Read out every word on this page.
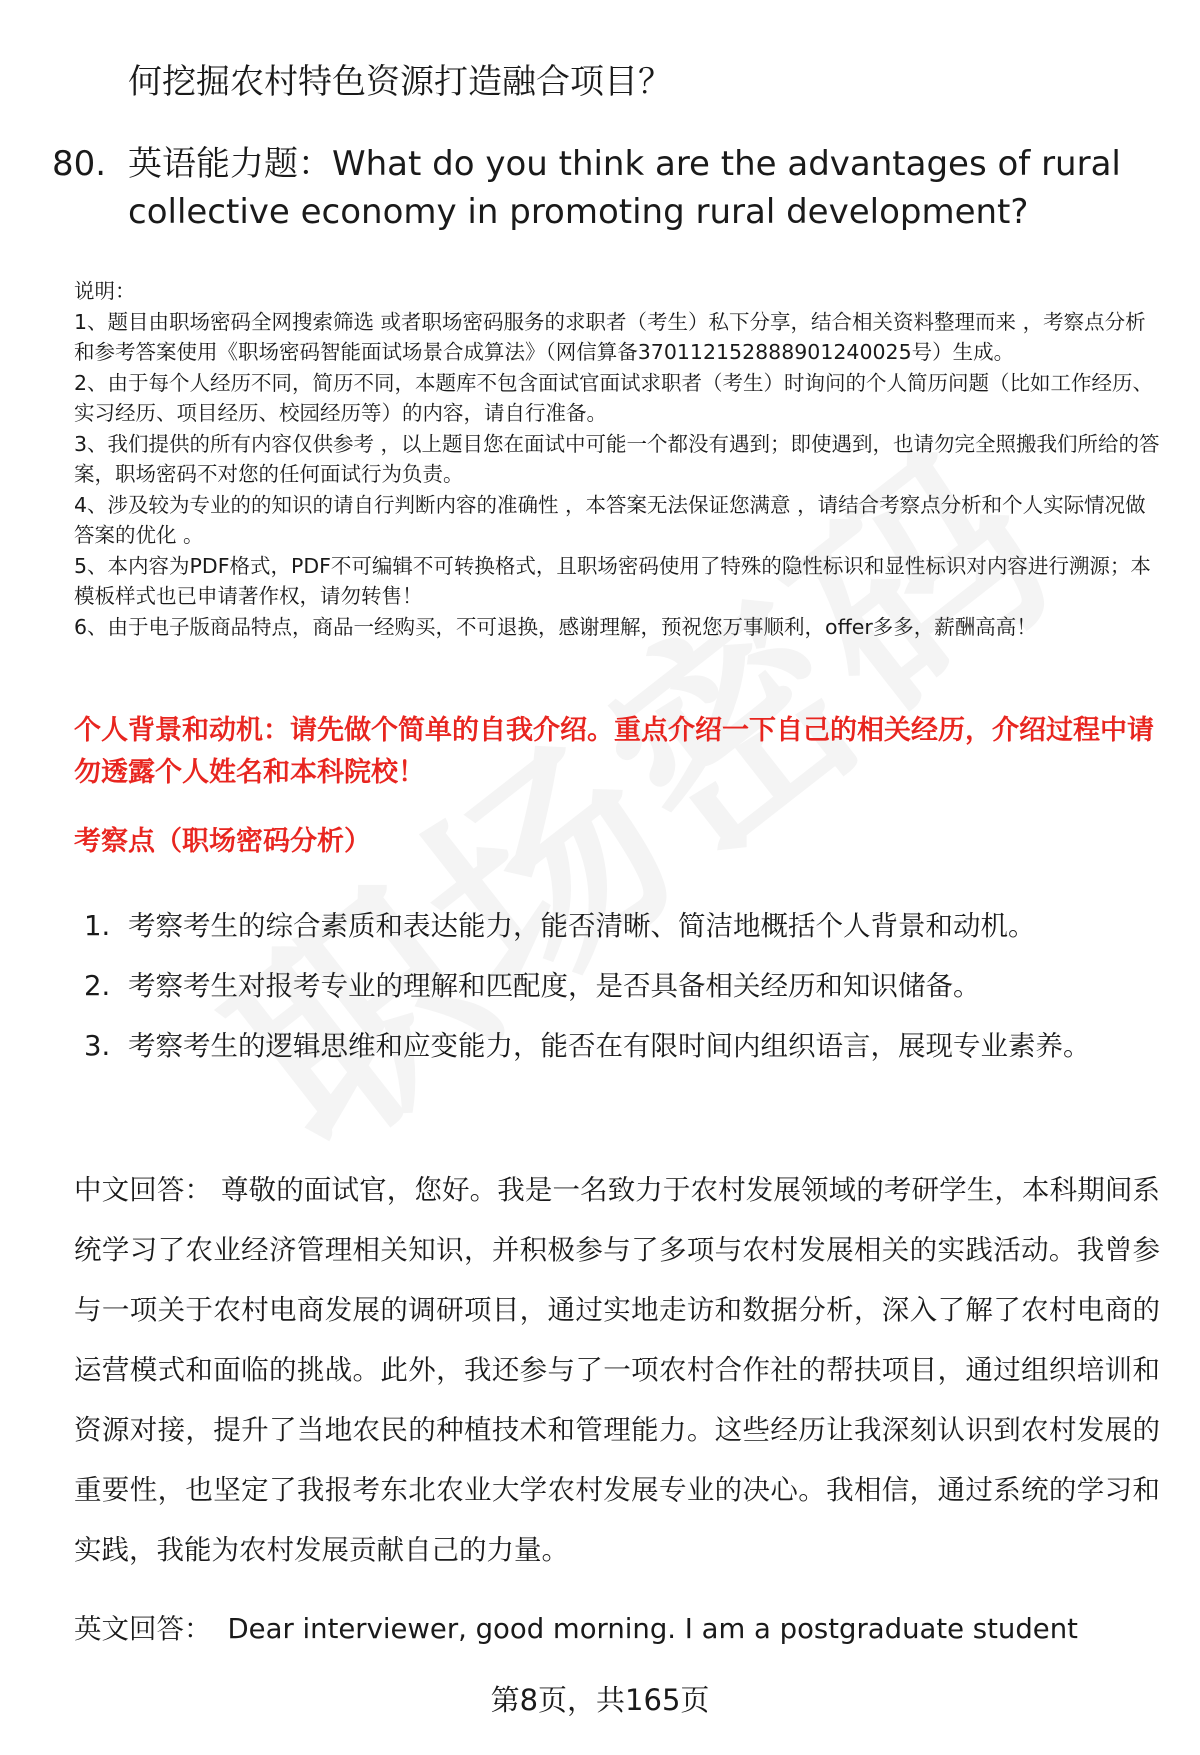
何挖掘农村特色资源打造融合项目？
80. 英语能力题：What do you think are the advantages of rural collective economy in promoting rural development?

说明：

1、题目由职场密码全网搜索筛选 或者职场密码服务的求职者（考生）私下分享，结合相关资料整理而来 ，考察点分析和参考答案使用《职场密码智能面试场景合成算法》（网信算备370112152888901240025号）生成。

2、由于每个人经历不同，简历不同，本题库不包含面试官面试求职者（考生）时询问的个人简历问题（比如工作经历、实习经历、项目经历、校园经历等）的内容，请自行准备。

3、我们提供的所有内容仅供参考 ，以上题目您在面试中可能一个都没有遇到；即使遇到，也请勿完全照搬我们所给的答案，职场密码不对您的任何面试行为负责。

4、涉及较为专业的的知识的请自行判断内容的准确性 ，本答案无法保证您满意 ，请结合考察点分析和个人实际情况做答案的优化 。

5、本内容为PDF格式，PDF不可编辑不可转换格式，且职场密码使用了特殊的隐性标识和显性标识对内容进行溯源；本模板样式也已申请著作权，请勿转售！

6、由于电子版商品特点，商品一经购买，不可退换，感谢理解，预祝您万事顺利，offer多多，薪酬高高！

个人背景和动机：请先做个简单的自我介绍。重点介绍一下自己的相关经历，介绍过程中请勿透露个人姓名和本科院校！
考察点（职场密码分析）
1. 考察考生的综合素质和表达能力，能否清晰、简洁地概括个人背景和动机。
2. 考察考生对报考专业的理解和匹配度，是否具备相关经历和知识储备。
3. 考察考生的逻辑思维和应变能力，能否在有限时间内组织语言，展现专业素养。
中文回答： 尊敬的面试官，您好。我是一名致力于农村发展领域的考研学生，本科期间系统学习了农业经济管理相关知识，并积极参与了多项与农村发展相关的实践活动。我曾参与一项关于农村电商发展的调研项目，通过实地走访和数据分析，深入了解了农村电商的运营模式和面临的挑战。此外，我还参与了一项农村合作社的帮扶项目，通过组织培训和资源对接，提升了当地农民的种植技术和管理能力。这些经历让我深刻认识到农村发展的重要性，也坚定了我报考东北农业大学农村发展专业的决心。我相信，通过系统的学习和实践，我能为农村发展贡献自己的力量。
英文回答： Dear interviewer, good morning. I am a postgraduate student
第8页，共165页
